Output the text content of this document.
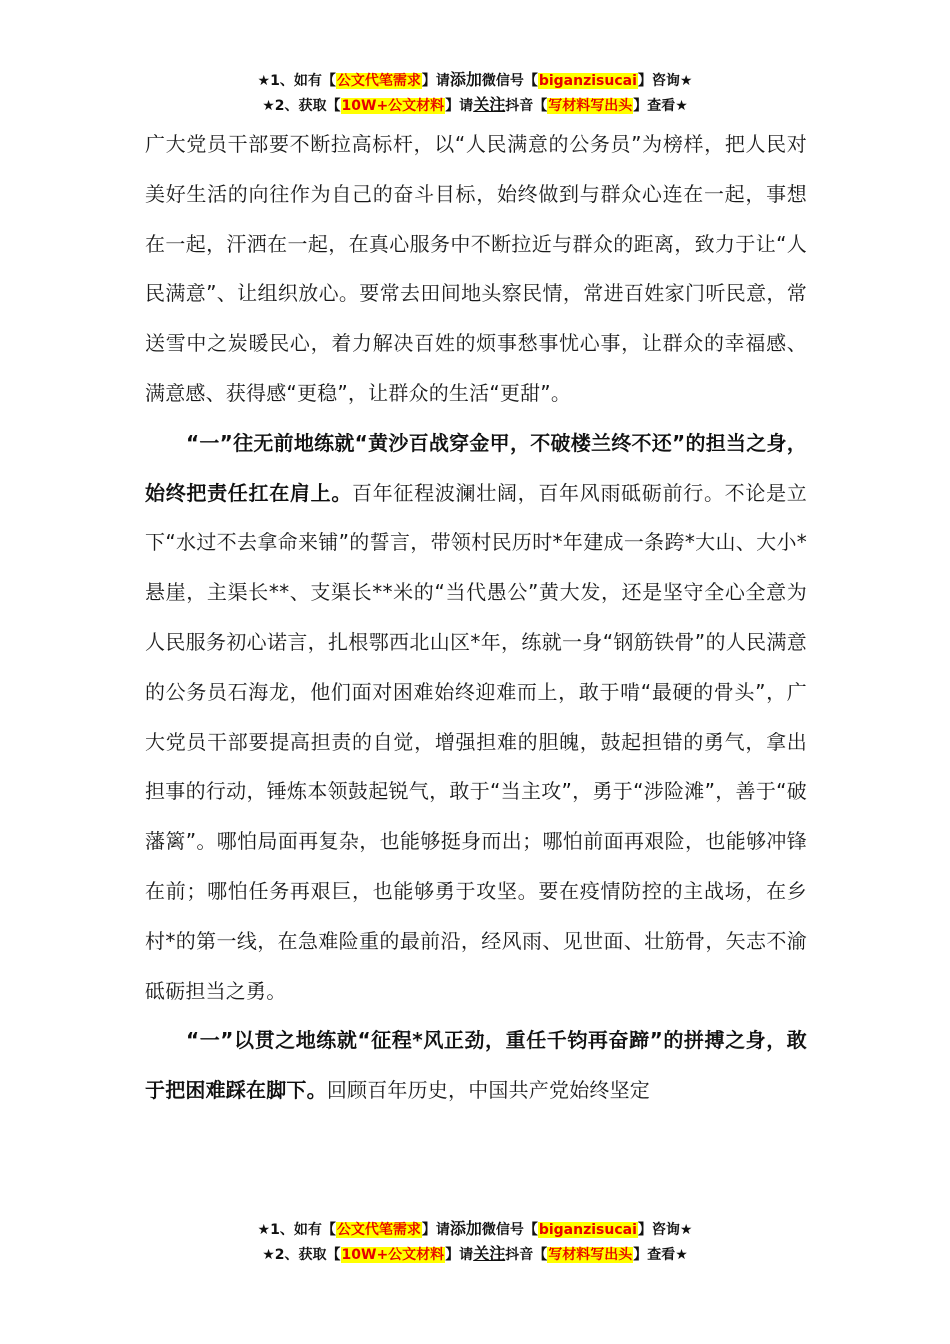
★1、如有【公文代笔需求】请添加微信号【biganzisucai】咨询★
★2、获取【10W+公文材料】请关注抖音【写材料写出头】查看★

广大党员干部要不断拉高标杆，以“人民满意的公务员”为榜样，把人民对美好生活的向往作为自己的奋斗目标，始终做到与群众心连在一起，事想在一起，汗洒在一起，在真心服务中不断拉近与群众的距离，致力于让“人民满意”、让组织放心。要常去田间地头察民情，常进百姓家门听民意，常送雪中之炭暖民心，着力解决百姓的烦事愁事忧心事，让群众的幸福感、满意感、获得感“更稳”，让群众的生活“更甜”。

“一”往无前地练就“黄沙百战穿金甲，不破楼兰终不还”的担当之身，始终把责任扛在肩上。百年征程波澜壮阔，百年风雨砥砺前行。不论是立下“水过不去拿命来铺”的誓言，带领村民历时*年建成一条跨*大山、大小*悬崖，主渠长**、支渠长**米的“当代愚公”黄大发，还是坚守全心全意为人民服务初心诺言，扎根鄂西北山区*年，练就一身“钢筋铁骨”的人民满意的公务员石海龙，他们面对困难始终迎难而上，敢于啃“最硬的骨头”，广大党员干部要提高担责的自觉，增强担难的胆魄，鼓起担错的勇气，拿出担事的行动，锤炼本领鼓起锐气，敢于“当主攻”，勇于“涉险滩”，善于“破藩篱”。哪怕局面再复杂，也能够挺身而出；哪怕前面再艰险，也能够冲锋在前；哪怕任务再艰巨，也能够勇于攻坚。要在疫情防控的主战场，在乡村*的第一线，在急难险重的最前沿，经风雨、见世面、壮筋骨，矢志不渝砥砺担当之勇。

“一”以贯之地练就“征程*风正劲，重任千钧再奋蹄”的拼搏之身，敢于把困难踩在脚下。回顾百年历史，中国共产党始终坚定

★1、如有【公文代笔需求】请添加微信号【biganzisucai】咨询★
★2、获取【10W+公文材料】请关注抖音【写材料写出头】查看★
